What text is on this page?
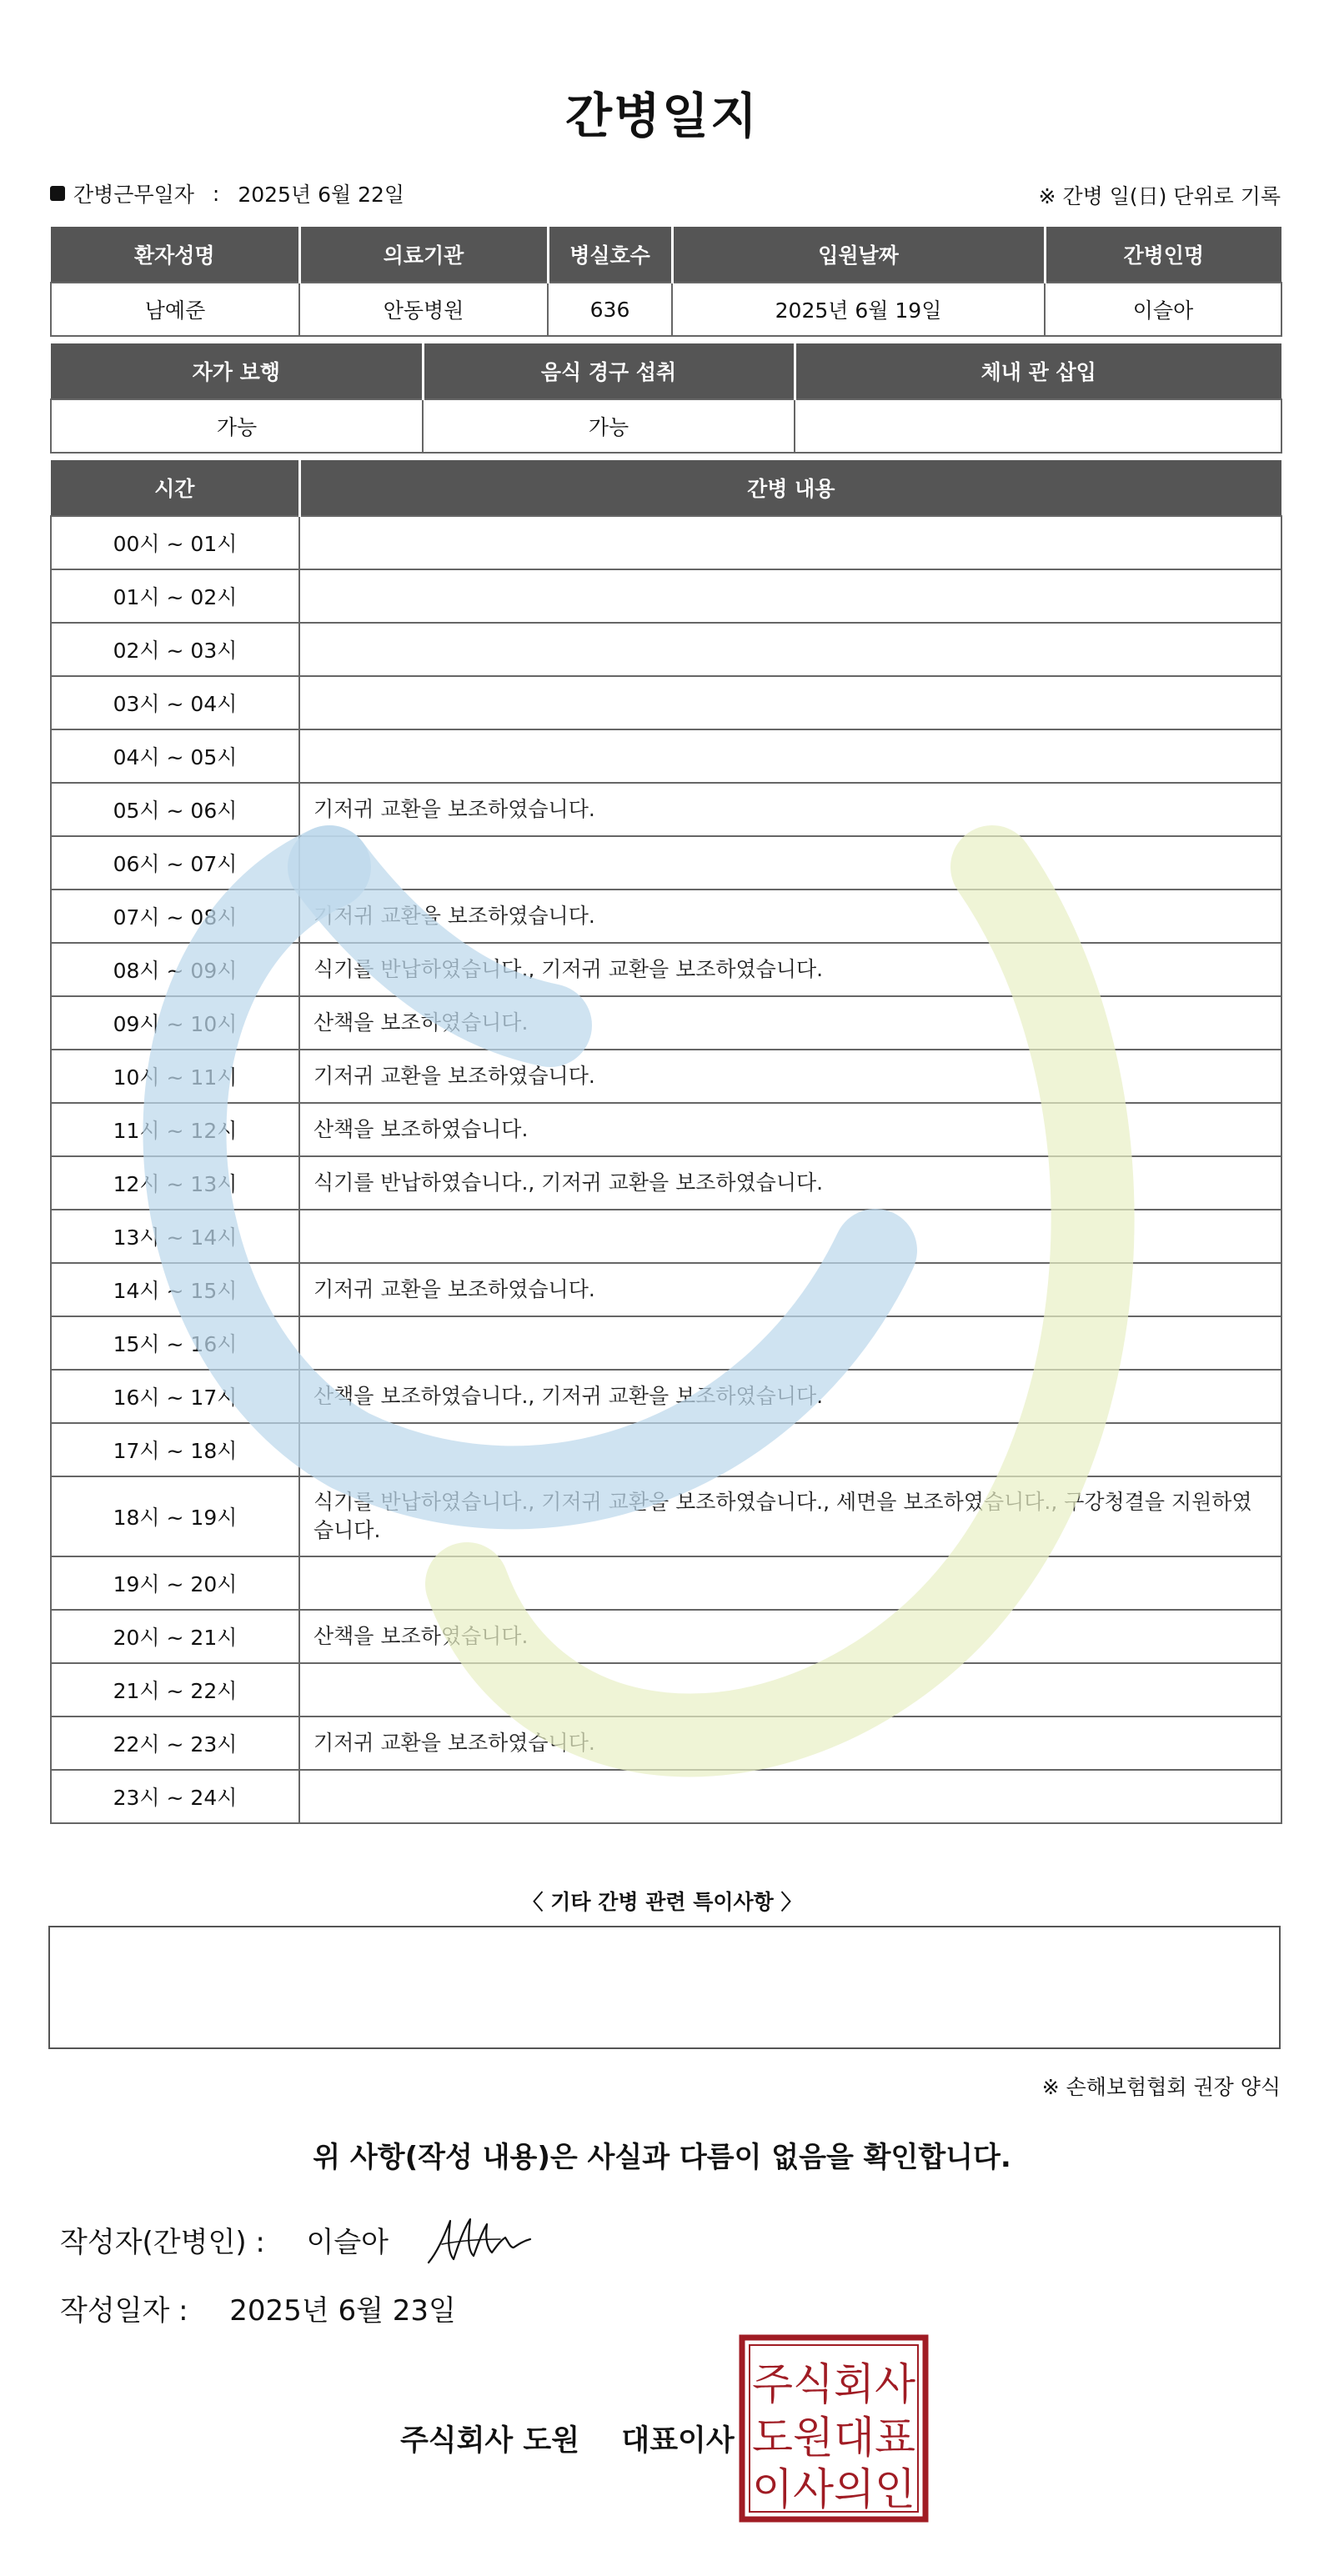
간병일지
간병근무일자 : 2025년 6월 22일	※ 간병 일(日) 단위로 기록
환자성명	의료기관	병실호수	입원날짜	간병인명
남예준	안동병원	636	2025년 6월 19일	이슬아
자가 보행	음식 경구 섭취	체내 관 삽입
가능	가능	
시간	간병 내용
00시 ~ 01시	
01시 ~ 02시	
02시 ~ 03시	
03시 ~ 04시	
04시 ~ 05시	
05시 ~ 06시	기저귀 교환을 보조하였습니다.
06시 ~ 07시	
07시 ~ 08시	기저귀 교환을 보조하였습니다.
08시 ~ 09시	식기를 반납하였습니다., 기저귀 교환을 보조하였습니다.
09시 ~ 10시	산책을 보조하였습니다.
10시 ~ 11시	기저귀 교환을 보조하였습니다.
11시 ~ 12시	산책을 보조하였습니다.
12시 ~ 13시	식기를 반납하였습니다., 기저귀 교환을 보조하였습니다.
13시 ~ 14시	
14시 ~ 15시	기저귀 교환을 보조하였습니다.
15시 ~ 16시	
16시 ~ 17시	산책을 보조하였습니다., 기저귀 교환을 보조하였습니다.
17시 ~ 18시	
18시 ~ 19시	식기를 반납하였습니다., 기저귀 교환을 보조하였습니다., 세면을 보조하였습니다., 구강청결을 지원하였습니다.
19시 ~ 20시	
20시 ~ 21시	산책을 보조하였습니다.
21시 ~ 22시	
22시 ~ 23시	기저귀 교환을 보조하였습니다.
23시 ~ 24시	
〈 기타 간병 관련 특이사항 〉
※ 손해보험협회 권장 양식
위 사항(작성 내용)은 사실과 다름이 없음을 확인합니다.
작성자(간병인) : 이슬아
작성일자 : 2025년 6월 23일
주식회사 도원 대표이사
주식회사
도원대표
이사의인
